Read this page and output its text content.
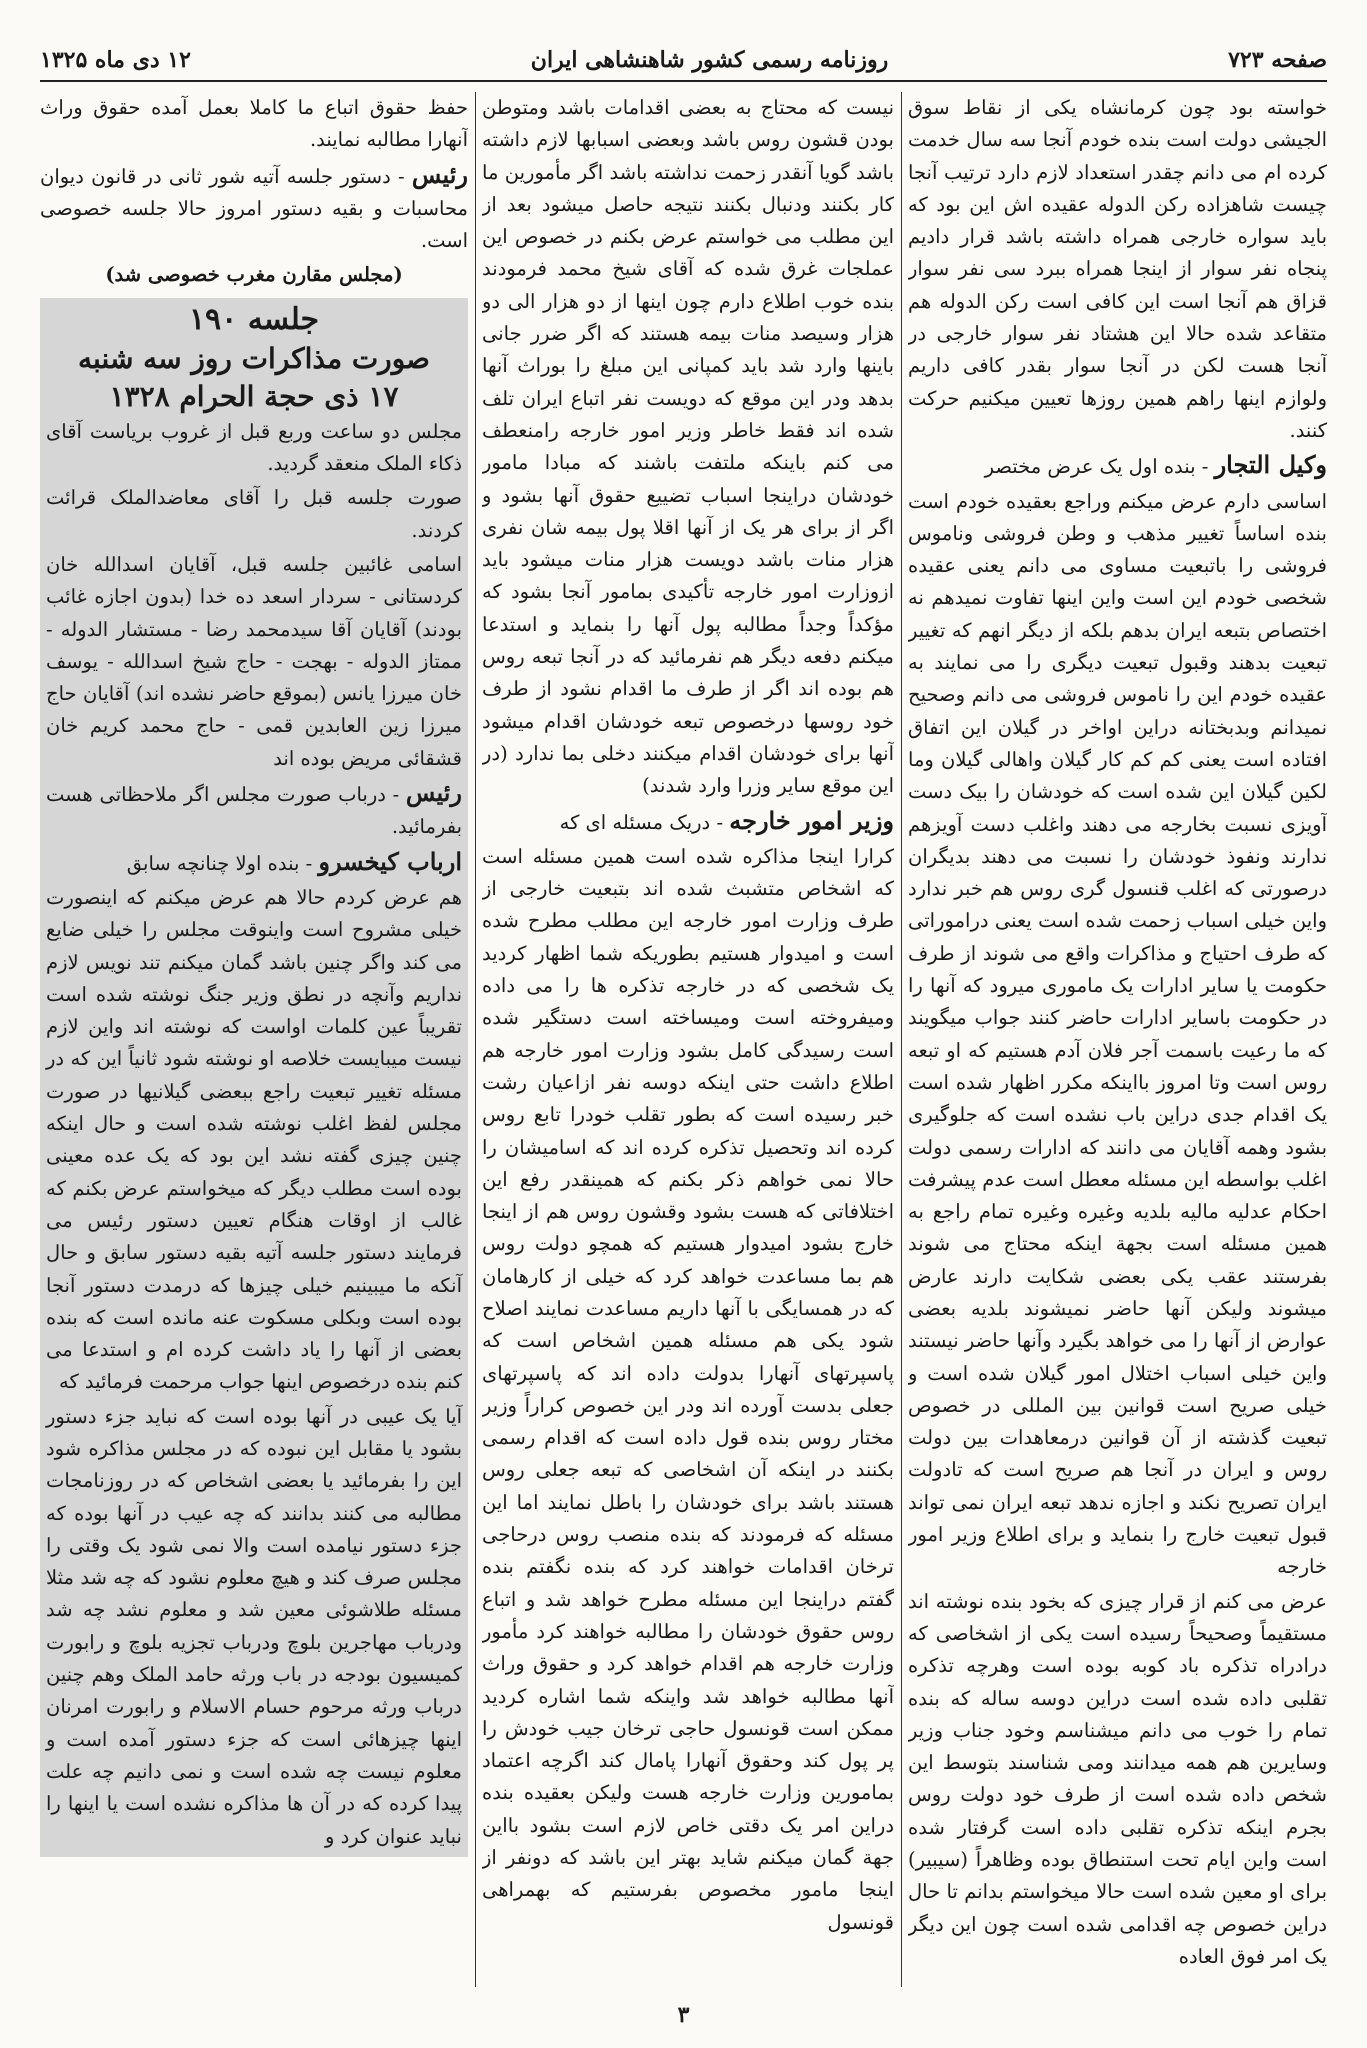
صفحه ۷۲۳
روزنامه رسمی کشور شاهنشاهی ایران
۱۲ دی ماه ۱۳۲۵

خواسته بود چون کرمانشاه یکی از نقاط سوق الجیشی دولت است بنده خودم آنجا سه سال خدمت کرده ام می دانم چقدر استعداد لازم دارد ترتیب آنجا چیست شاهزاده رکن الدوله عقیده اش این بود که باید سواره خارجی همراه داشته باشد قرار دادیم پنجاه نفر سوار از اینجا همراه ببرد سی نفر سوار قزاق هم آنجا است این کافی است رکن الدوله هم متقاعد شده حالا این هشتاد نفر سوار خارجی در آنجا هست لکن در آنجا سوار بقدر کافی داریم ولوازم اینها راهم همین روزها تعیین میکنیم حرکت کنند.

وکیل التجار - بنده اول یک عرض مختصر

اساسی دارم عرض میکنم وراجع بعقیده خودم است بنده اساساً تغییر مذهب و وطن فروشی وناموس فروشی را باتبعیت مساوی می دانم یعنی عقیده شخصی خودم این است واین اینها تفاوت نمیدهم نه اختصاص بتبعه ایران بدهم بلکه از دیگر انهم که تغییر تبعیت بدهند وقبول تبعیت دیگری را می نمایند به عقیده خودم این را ناموس فروشی می دانم وصحیح نمیدانم وبدبختانه دراین اواخر در گیلان این اتفاق افتاده است یعنی کم کم کار گیلان واهالی گیلان وما لکین گیلان این شده است که خودشان را بیک دست آویزی نسبت بخارجه می دهند واغلب دست آویزهم ندارند ونفوذ خودشان را نسبت می دهند بدیگران درصورتی که اغلب قنسول گری روس هم خبر ندارد واین خیلی اسباب زحمت شده است یعنی دراموراتی که طرف احتیاج و مذاکرات واقع می شوند از طرف حکومت یا سایر ادارات یک ماموری میرود که آنها را در حکومت باسایر ادارات حاضر کنند جواب میگویند که ما رعیت باسمت آجر فلان آدم هستیم که او تبعه روس است وتا امروز بااینکه مکرر اظهار شده است یک اقدام جدی دراین باب نشده است که جلوگیری بشود وهمه آقایان می دانند که ادارات رسمی دولت اغلب بواسطه این مسئله معطل است عدم پیشرفت احکام عدلیه مالیه بلدیه وغیره وغیره تمام راجع به همین مسئله است بجهة اینکه محتاج می شوند بفرستند عقب یکی بعضی شکایت دارند عارض میشوند ولیکن آنها حاضر نمیشوند بلدیه بعضی عوارض از آنها را می خواهد بگیرد وآنها حاضر نیستند واین خیلی اسباب اختلال امور گیلان شده است و خیلی صریح است قوانین بین المللی در خصوص تبعیت گذشته از آن قوانین درمعاهدات بین دولت روس و ایران در آنجا هم صریح است که تادولت ایران تصریح نکند و اجازه ندهد تبعه ایران نمی تواند قبول تبعیت خارج را بنماید و برای اطلاع وزیر امور خارجه

عرض می کنم از قرار چیزی که بخود بنده نوشته اند مستقیماً وصحیحاً رسیده است یکی از اشخاصی که درادراه تذکره باد کوبه بوده است وهرچه تذکره تقلبی داده شده است دراین دوسه ساله که بنده تمام را خوب می دانم میشناسم وخود جناب وزیر وسایرین هم همه میدانند ومی شناسند بتوسط این شخص داده شده است از طرف خود دولت روس بجرم اینکه تذکره تقلبی داده است گرفتار شده است واین ایام تحت استنطاق بوده وظاهراً (سیبیر) برای او معین شده است حالا میخواستم بدانم تا حال دراین خصوص چه اقدامی شده است چون این دیگر یک امر فوق العاده

نیست که محتاج به بعضی اقدامات باشد ومتوطن بودن قشون روس باشد وبعضی اسبابها لازم داشته باشد گویا آنقدر زحمت نداشته باشد اگر مأمورین ما کار بکنند ودنبال بکنند نتیجه حاصل میشود بعد از این مطلب می خواستم عرض بکنم در خصوص این عملجات غرق شده که آقای شیخ محمد فرمودند بنده خوب اطلاع دارم چون اینها از دو هزار الی دو هزار وسیصد منات بیمه هستند که اگر ضرر جانی باینها وارد شد باید کمپانی این مبلغ را بوراث آنها بدهد ودر این موقع که دویست نفر اتباع ایران تلف شده اند فقط خاطر وزیر امور خارجه رامنعطف می کنم باینکه ملتفت باشند که مبادا مامور خودشان دراینجا اسباب تضییع حقوق آنها بشود و اگر از برای هر یک از آنها اقلا پول بیمه شان نفری هزار منات باشد دویست هزار منات میشود باید ازوزارت امور خارجه تأکیدی بمامور آنجا بشود که مؤکداً وجداً مطالبه پول آنها را بنماید و استدعا میکنم دفعه دیگر هم نفرمائید که در آنجا تبعه روس هم بوده اند اگر از طرف ما اقدام نشود از طرف خود روسها درخصوص تبعه خودشان اقدام میشود آنها برای خودشان اقدام میکنند دخلی بما ندارد (در این موقع سایر وزرا وارد شدند)

وزیر امور خارجه - دریک مسئله ای که

کرارا اینجا مذاکره شده است همین مسئله است که اشخاص متشبث شده اند بتبعیت خارجی از طرف وزارت امور خارجه این مطلب مطرح شده است و امیدوار هستیم بطوریکه شما اظهار کردید یک شخصی که در خارجه تذکره ها را می داده ومیفروخته است ومیساخته است دستگیر شده است رسیدگی کامل بشود وزارت امور خارجه هم اطلاع داشت حتی اینکه دوسه نفر ازاعیان رشت خبر رسیده است که بطور تقلب خودرا تابع روس کرده اند وتحصیل تذکره کرده اند که اسامیشان را حالا نمی خواهم ذکر بکنم که همینقدر رفع این اختلافاتی که هست بشود وقشون روس هم از اینجا خارج بشود امیدوار هستیم که همچو دولت روس هم بما مساعدت خواهد کرد که خیلی از کارهامان که در همسایگی با آنها داریم مساعدت نمایند اصلاح شود یکی هم مسئله همین اشخاص است که پاسپرتهای آنهارا بدولت داده اند که پاسپرتهای جعلی بدست آورده اند ودر این خصوص کراراً وزیر مختار روس بنده قول داده است که اقدام رسمی بکنند در اینکه آن اشخاصی که تبعه جعلی روس هستند باشد برای خودشان را باطل نمایند اما این مسئله که فرمودند که بنده منصب روس درحاجی ترخان اقدامات خواهند کرد که بنده نگفتم بنده گفتم دراینجا این مسئله مطرح خواهد شد و اتباع روس حقوق خودشان را مطالبه خواهند کرد مأمور وزارت خارجه هم اقدام خواهد کرد و حقوق وراث آنها مطالبه خواهد شد واینکه شما اشاره کردید ممکن است قونسول حاجی ترخان جیب خودش را پر پول کند وحقوق آنهارا پامال کند اگرچه اعتماد بمامورین وزارت خارجه هست ولیکن بعقیده بنده دراین امر یک دقتی خاص لازم است بشود بااین جهة گمان میکنم شاید بهتر این باشد که دونفر از اینجا مامور مخصوص بفرستیم که بهمراهی قونسول

حفظ حقوق اتباع ما کاملا بعمل آمده حقوق وراث آنهارا مطالبه نمایند.

رئیس - دستور جلسه آتیه شور ثانی در قانون دیوان محاسبات و بقیه دستور امروز حالا جلسه خصوصی است.

(مجلس مقارن مغرب خصوصی شد)

جلسه ۱۹۰
صورت مذاکرات روز سه شنبه
۱۷ ذی حجة الحرام ۱۳۲۸

مجلس دو ساعت وربع قبل از غروب بریاست آقای ذکاء الملک منعقد گردید.

صورت جلسه قبل را آقای معاضدالملک قرائت کردند.

اسامی غائبین جلسه قبل، آقایان اسدالله خان کردستانی - سردار اسعد ده خدا (بدون اجازه غائب بودند) آقایان آقا سیدمحمد رضا - مستشار الدوله - ممتاز الدوله - بهجت - حاج شیخ اسدالله - یوسف خان میرزا یانس (بموقع حاضر نشده اند) آقایان حاج میرزا زین العابدین قمی - حاج محمد کریم خان قشقائی مریض بوده اند

رئیس - درباب صورت مجلس اگر ملاحظاتی هست بفرمائید.

ارباب کیخسرو - بنده اولا چنانچه سابق

هم عرض کردم حالا هم عرض میکنم که اینصورت خیلی مشروح است واینوقت مجلس را خیلی ضایع می کند واگر چنین باشد گمان میکنم تند نویس لازم نداریم وآنچه در نطق وزیر جنگ نوشته شده است تقریباً عین کلمات اواست که نوشته اند واین لازم نیست میبایست خلاصه او نوشته شود ثانیاً این که در مسئله تغییر تبعیت راجع ببعضی گیلانیها در صورت مجلس لفظ اغلب نوشته شده است و حال اینکه چنین چیزی گفته نشد این بود که یک عده معینی بوده است مطلب دیگر که میخواستم عرض بکنم که غالب از اوقات هنگام تعیین دستور رئیس می فرمایند دستور جلسه آتیه بقیه دستور سابق و حال آنکه ما میبینیم خیلی چیزها که درمدت دستور آنجا بوده است وبکلی مسکوت عنه مانده است که بنده بعضی از آنها را یاد داشت کرده ام و استدعا می کنم بنده درخصوص اینها جواب مرحمت فرمائید که

آیا یک عیبی در آنها بوده است که نباید جزء دستور بشود یا مقابل این نبوده که در مجلس مذاکره شود این را بفرمائید یا بعضی اشخاص که در روزنامجات مطالبه می کنند بدانند که چه عیب در آنها بوده که جزء دستور نیامده است والا نمی شود یک وقتی را مجلس صرف کند و هیچ معلوم نشود که چه شد مثلا مسئله طلاشوئی معین شد و معلوم نشد چه شد ودرباب مهاجرین بلوچ ودرباب تجزیه بلوچ و رابورت کمیسیون بودجه در باب ورثه حامد الملک وهم چنین درباب ورثه مرحوم حسام الاسلام و رابورت امرنان اینها چیزهائی است که جزء دستور آمده است و معلوم نیست چه شده است و نمی دانیم چه علت پیدا کرده که در آن ها مذاکره نشده است یا اینها را نباید عنوان کرد و

۳
